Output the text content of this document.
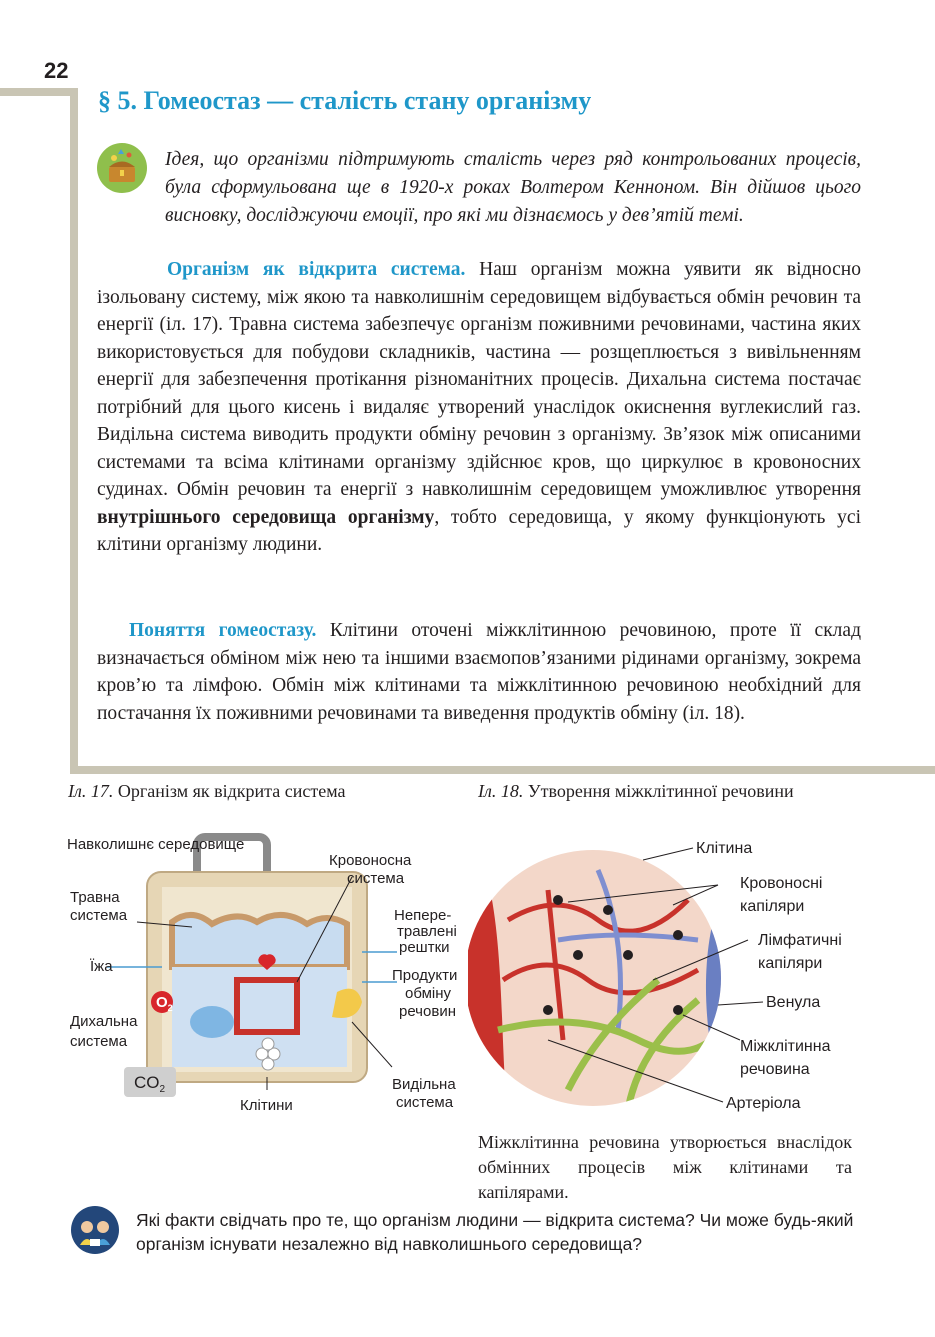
22
§ 5. Гомеостаз — сталість стану організму
Ідея, що організми підтримують сталість через ряд контрольованих процесів, була сформульована ще в 1920-х роках Волтером Кенноном. Він дійшов цього висновку, досліджуючи емоції, про які ми дізнаємось у дев’ятій темі.
Організм як відкрита система. Наш організм можна уявити як відносно ізольовану систему, між якою та навколишнім середовищем відбувається обмін речовин та енергії (іл. 17). Травна система забезпечує організм поживними речовинами, частина яких використовується для побудови складників, частина — розщеплюється з вивільненням енергії для забезпечення протікання різноманітних процесів. Дихальна система постачає потрібний для цього кисень і видаляє утворений унаслідок окиснення вуглекислий газ. Видільна система виводить продукти обміну речовин з організму. Зв’язок між описаними системами та всіма клітинами організму здійснює кров, що циркулює в кровоносних судинах. Обмін речовин та енергії з навколишнім середовищем уможливлює утворення внутрішнього середовища організму, тобто середовища, у якому функціонують усі клітини організму людини.
Поняття гомеостазу. Клітини оточені міжклітинною речовиною, проте її склад визначається обміном між нею та іншими взаємопов’язаними рідинами організму, зокрема кров’ю та лімфою. Обмін між клітинами та міжклітинною речовиною необхідний для постачання їх поживними речовинами та виведення продуктів обміну (іл. 18).
Іл. 17. Організм як відкрита система	Іл. 18. Утворення міжклітинної речовини
Навколишнє середовище
Кровоносна
система
Травна
система
Їжа
$O_2$
Дихальна
система
$CO_2$
Клітини
Непере-
травлені
рештки
Продукти
обміну
речовин
Видільна
система
Клітина
Кровоносні
капіляри
Лімфатичні
капіляри
Венула
Міжклітинна
речовина
Артеріола
Міжклітинна речовина утворюється внаслідок обмінних процесів між клітинами та капілярами.
Які факти свідчать про те, що організм людини — відкрита система? Чи може будь-який організм існувати незалежно від навколишнього середовища?
